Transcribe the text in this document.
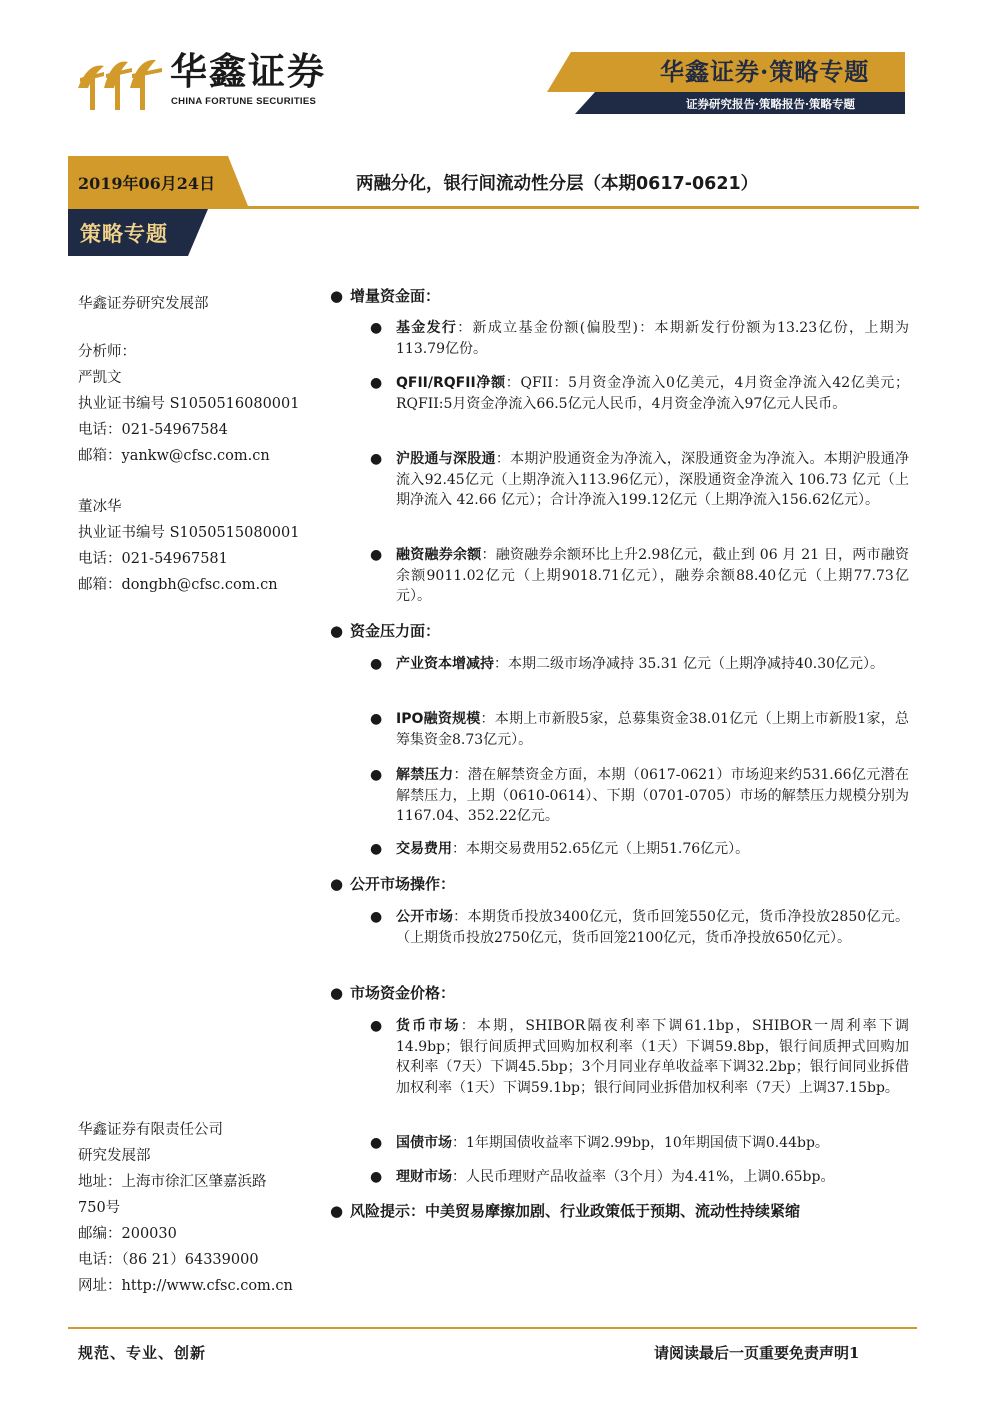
华鑫证券
CHINA FORTUNE SECURITIES
华鑫证券·策略专题
证券研究报告·策略报告·策略专题
2019年06月24日	两融分化，银行间流动性分层（本期0617-0621）
策略专题
华鑫证券研究发展部
分析师：
严凯文
执业证书编号 S1050516080001
电话：021-54967584
邮箱：yankw@cfsc.com.cn
董冰华
执业证书编号 S1050515080001
电话：021-54967581
邮箱：dongbh@cfsc.com.cn
华鑫证券有限责任公司
研究发展部
地址：上海市徐汇区肇嘉浜路
750号
邮编：200030
电话：（86 21）64339000
网址：http://www.cfsc.com.cn
● 增量资金面：
● 基金发行：新成立基金份额(偏股型)：本期新发行份额为13.23亿份，上期为113.79亿份。
● QFII/RQFII净额：QFII：5月资金净流入0亿美元，4月资金净流入42亿美元；RQFII:5月资金净流入66.5亿元人民币，4月资金净流入97亿元人民币。
● 沪股通与深股通：本期沪股通资金为净流入，深股通资金为净流入。本期沪股通净流入92.45亿元（上期净流入113.96亿元），深股通资金净流入 106.73 亿元（上期净流入 42.66 亿元）；合计净流入199.12亿元（上期净流入156.62亿元）。
● 融资融券余额：融资融券余额环比上升2.98亿元，截止到 06 月 21 日，两市融资余额9011.02亿元（上期9018.71亿元），融券余额88.40亿元（上期77.73亿元）。
● 资金压力面：
● 产业资本增减持：本期二级市场净减持 35.31 亿元（上期净减持40.30亿元）。
● IPO融资规模：本期上市新股5家，总募集资金38.01亿元（上期上市新股1家，总筹集资金8.73亿元）。
● 解禁压力：潜在解禁资金方面，本期（0617-0621）市场迎来约531.66亿元潜在解禁压力，上期（0610-0614）、下期（0701-0705）市场的解禁压力规模分别为1167.04、352.22亿元。
● 交易费用：本期交易费用52.65亿元（上期51.76亿元）。
● 公开市场操作：
● 公开市场：本期货币投放3400亿元，货币回笼550亿元，货币净投放2850亿元。（上期货币投放2750亿元，货币回笼2100亿元，货币净投放650亿元）。
● 市场资金价格：
● 货币市场：本期，SHIBOR隔夜利率下调61.1bp，SHIBOR一周利率下调14.9bp；银行间质押式回购加权利率（1天）下调59.8bp，银行间质押式回购加权利率（7天）下调45.5bp；3个月同业存单收益率下调32.2bp；银行间同业拆借加权利率（1天）下调59.1bp；银行间同业拆借加权利率（7天）上调37.15bp。
● 国债市场：1年期国债收益率下调2.99bp，10年期国债下调0.44bp。
● 理财市场：人民币理财产品收益率（3个月）为4.41%，上调0.65bp。
● 风险提示：中美贸易摩擦加剧、行业政策低于预期、流动性持续紧缩
规范、专业、创新	请阅读最后一页重要免责声明1
